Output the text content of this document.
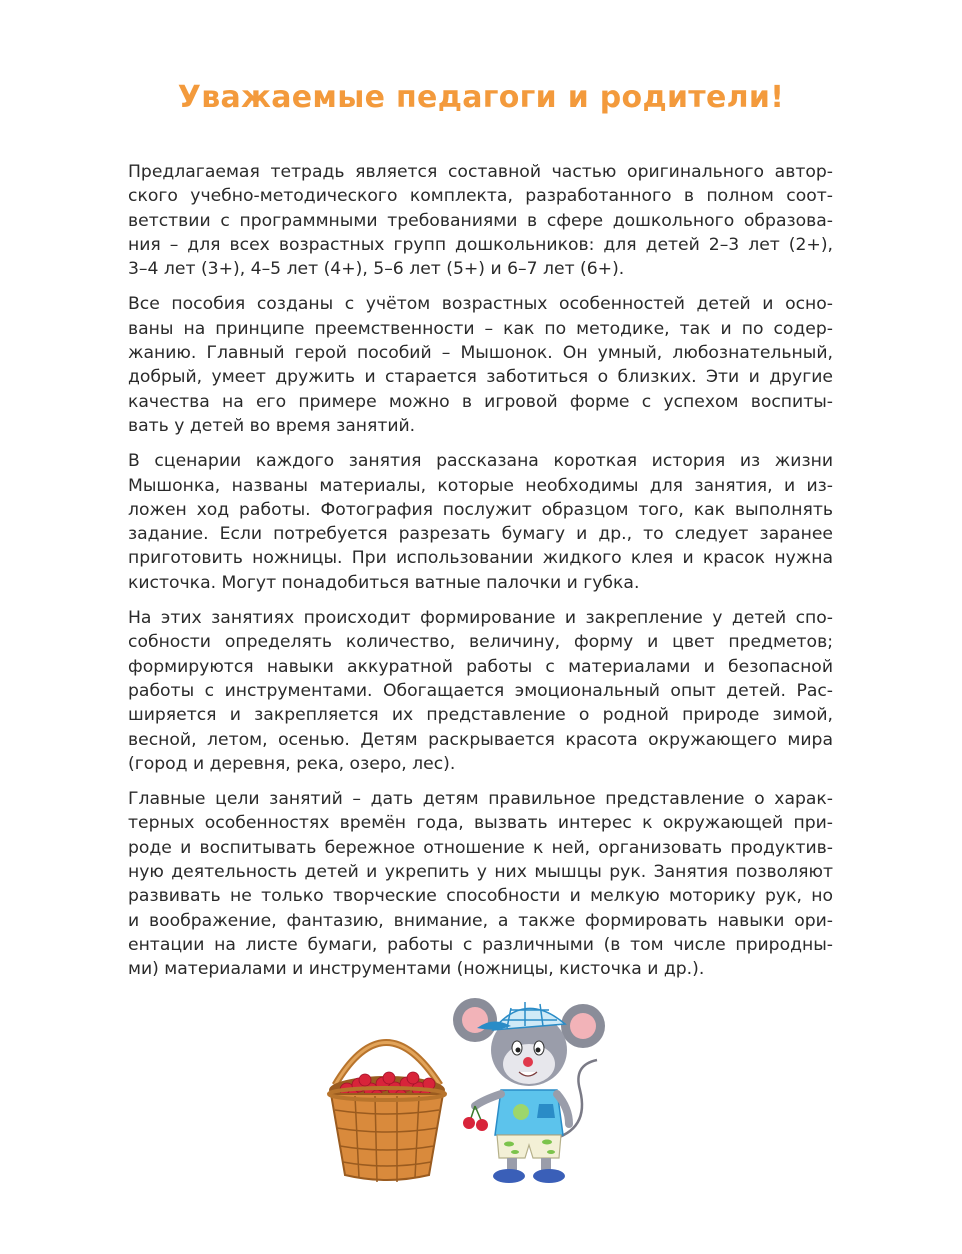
Уважаемые педагоги и родители!
Предлагаемая тетрадь является составной частью оригинального автор-
ского учебно-методического комплекта, разработанного в полном соот-
ветствии с программными требованиями в сфере дошкольного образова-
ния – для всех возрастных групп дошкольников: для детей 2–3 лет (2+),
3–4 лет (3+), 4–5 лет (4+), 5–6 лет (5+) и 6–7 лет (6+).
Все пособия созданы с учётом возрастных особенностей детей и осно-
ваны на принципе преемственности – как по методике, так и по содер-
жанию. Главный герой пособий – Мышонок. Он умный, любознательный,
добрый, умеет дружить и старается заботиться о близких. Эти и другие
качества на его примере можно в игровой форме с успехом воспиты-
вать у детей во время занятий.
В сценарии каждого занятия рассказана короткая история из жизни
Мышонка, названы материалы, которые необходимы для занятия, и из-
ложен ход работы. Фотография послужит образцом того, как выполнять
задание. Если потребуется разрезать бумагу и др., то следует заранее
приготовить ножницы. При использовании жидкого клея и красок нужна
кисточка. Могут понадобиться ватные палочки и губка.
На этих занятиях происходит формирование и закрепление у детей спо-
собности определять количество, величину, форму и цвет предметов;
формируются навыки аккуратной работы с материалами и безопасной
работы с инструментами. Обогащается эмоциональный опыт детей. Рас-
ширяется и закрепляется их представление о родной природе зимой,
весной, летом, осенью. Детям раскрывается красота окружающего мира
(город и деревня, река, озеро, лес).
Главные цели занятий – дать детям правильное представление о харак-
терных особенностях времён года, вызвать интерес к окружающей при-
роде и воспитывать бережное отношение к ней, организовать продуктив-
ную деятельность детей и укрепить у них мышцы рук. Занятия позволяют
развивать не только творческие способности и мелкую моторику рук, но
и воображение, фантазию, внимание, а также формировать навыки ори-
ентации на листе бумаги, работы с различными (в том числе природны-
ми) материалами и инструментами (ножницы, кисточка и др.).
